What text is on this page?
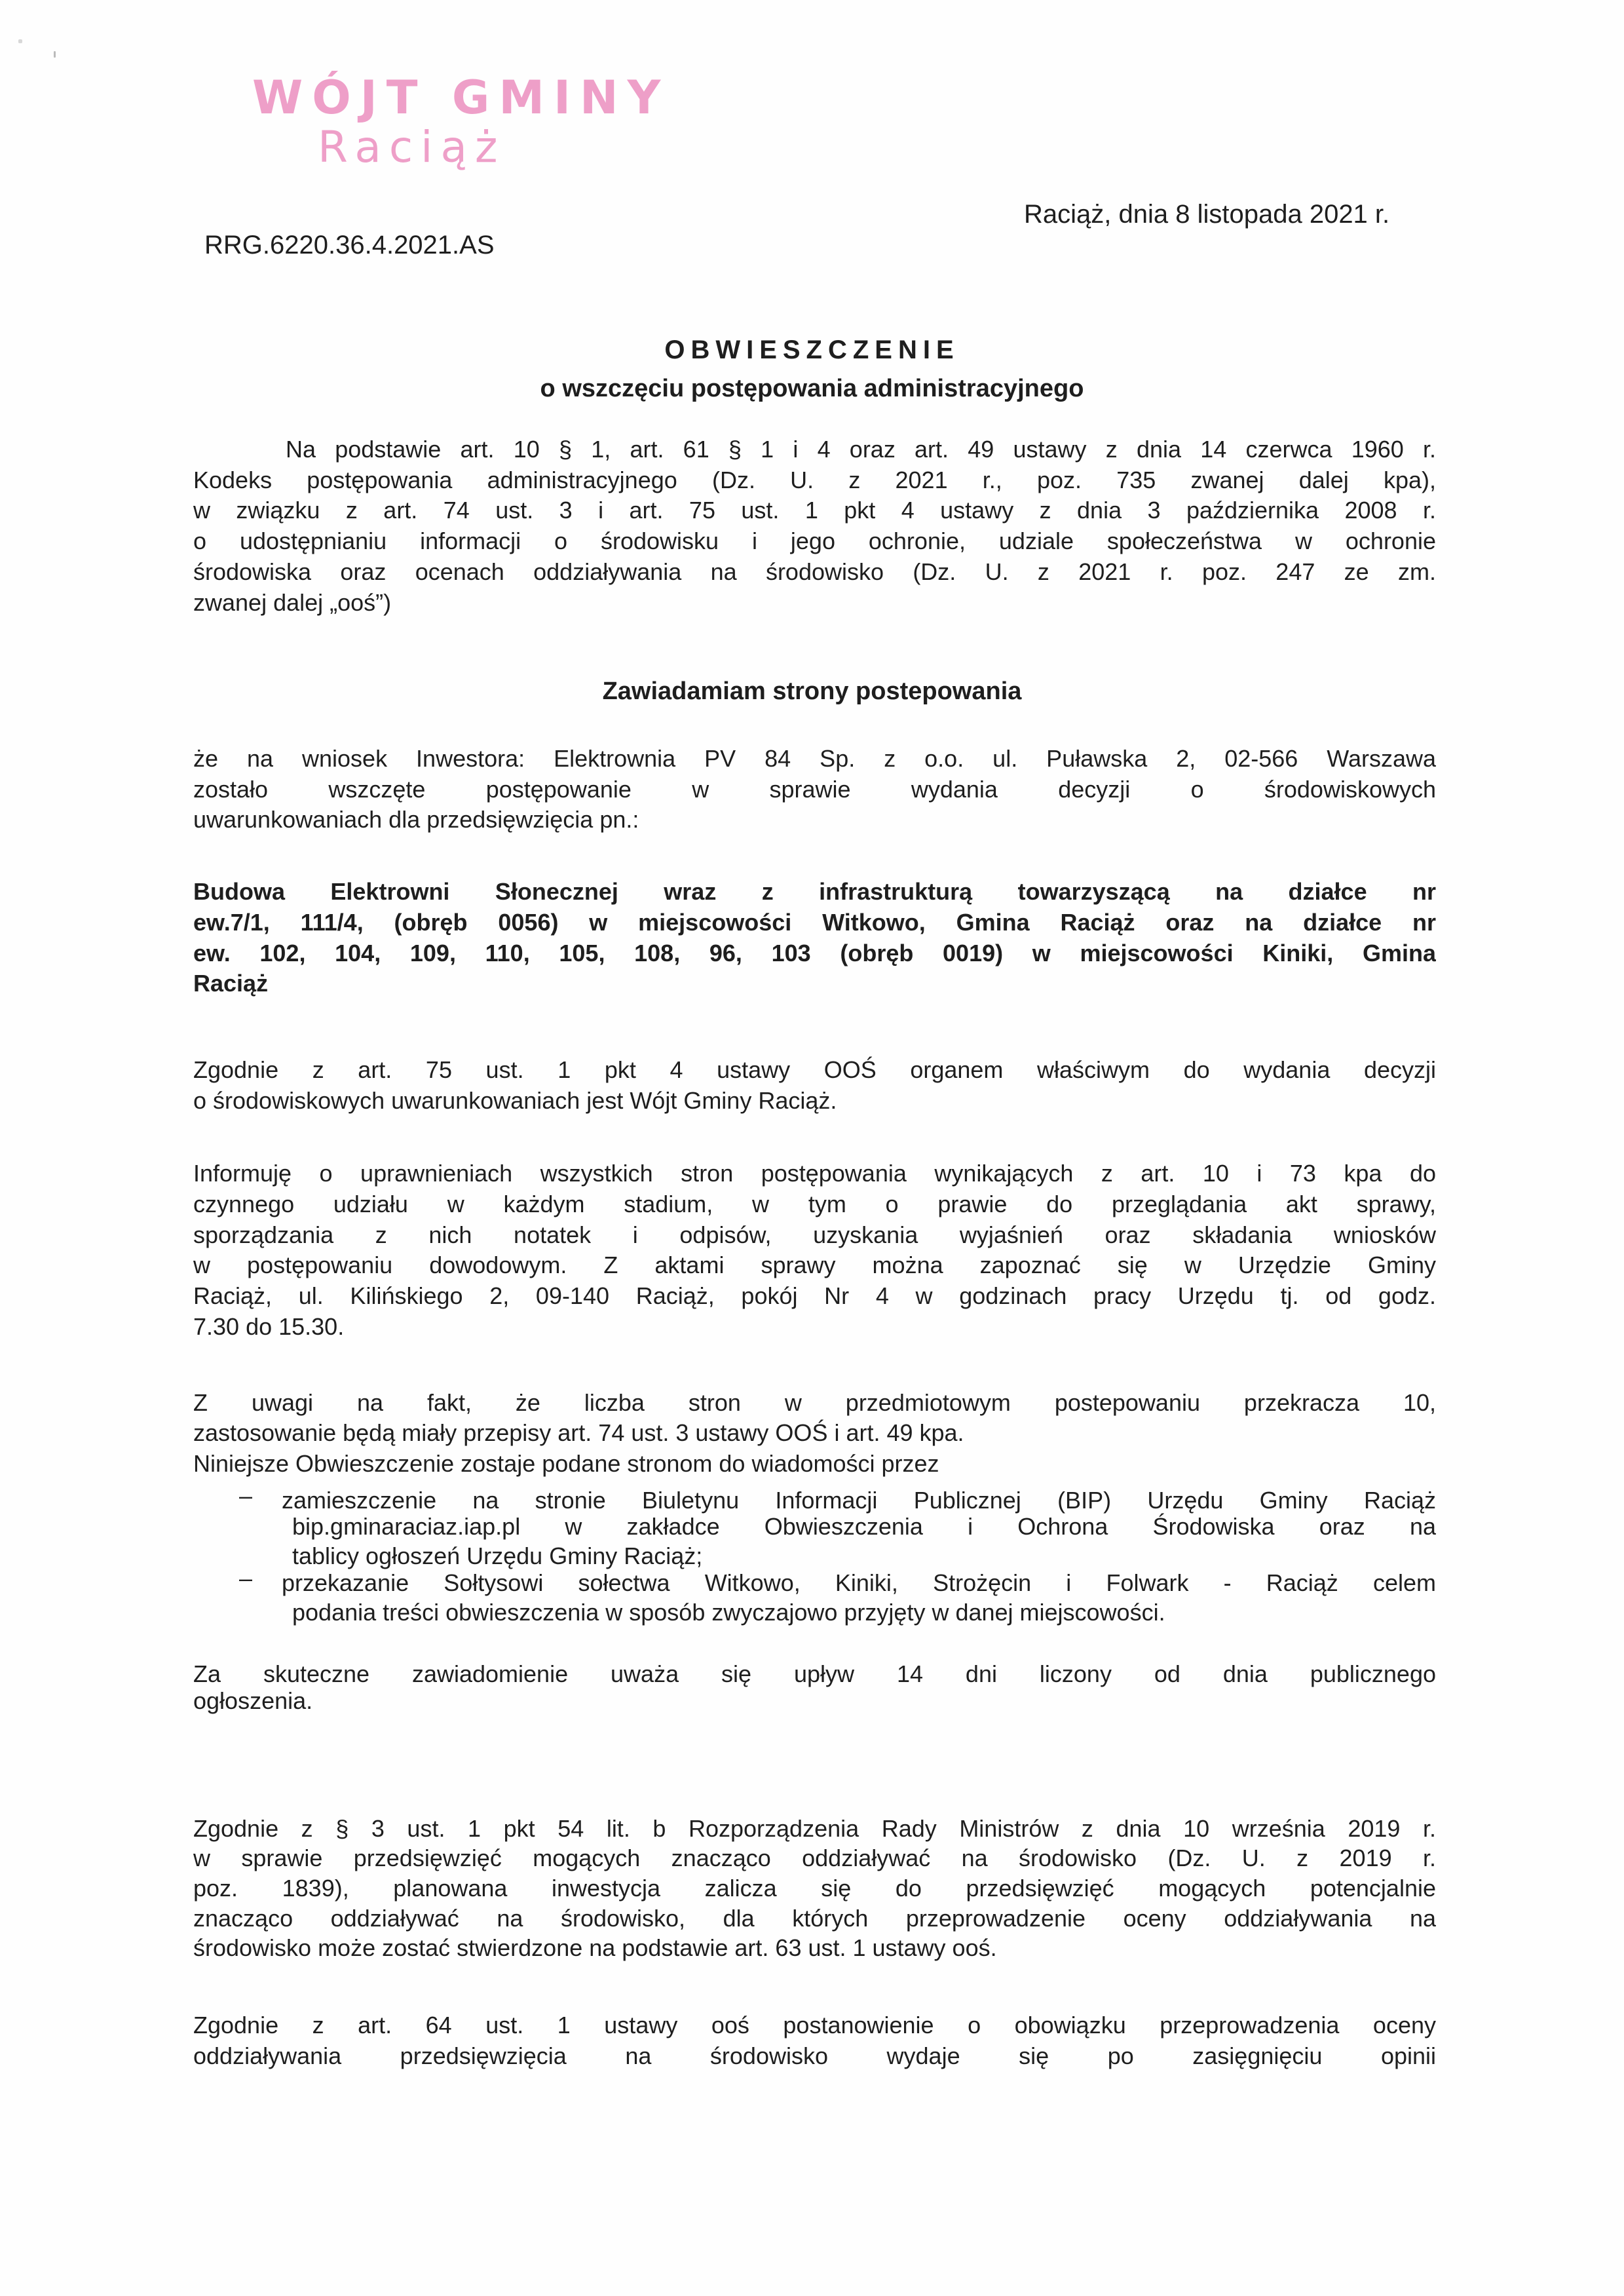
WÓJT GMINY
Raciąż
RRG.6220.36.4.2021.AS
Raciąż, dnia 8 listopada 2021 r.
OBWIESZCZENIE
o wszczęciu postępowania administracyjnego
Na podstawie art. 10 § 1, art. 61 § 1 i 4 oraz art. 49 ustawy z dnia 14 czerwca 1960 r.
Kodeks postępowania administracyjnego (Dz. U. z 2021 r., poz. 735 zwanej dalej kpa),
w związku z art. 74 ust. 3 i art. 75 ust. 1 pkt 4 ustawy z dnia 3 października 2008 r.
o udostępnianiu informacji o środowisku i jego ochronie, udziale społeczeństwa w ochronie
środowiska oraz ocenach oddziaływania na środowisko (Dz. U. z 2021 r. poz. 247 ze zm.
zwanej dalej „ooś”)
Zawiadamiam strony postepowania
że na wniosek Inwestora: Elektrownia PV 84 Sp. z o.o. ul. Puławska 2, 02-566 Warszawa
zostało wszczęte postępowanie w sprawie wydania decyzji o środowiskowych
uwarunkowaniach dla przedsięwzięcia pn.:
Budowa Elektrowni Słonecznej wraz z infrastrukturą towarzyszącą na działce nr
ew.7/1, 111/4, (obręb 0056) w miejscowości Witkowo, Gmina Raciąż oraz na działce nr
ew. 102, 104, 109, 110, 105, 108, 96, 103 (obręb 0019) w miejscowości Kiniki, Gmina
Raciąż
Zgodnie z art. 75 ust. 1 pkt 4 ustawy OOŚ organem właściwym do wydania decyzji
o środowiskowych uwarunkowaniach jest Wójt Gminy Raciąż.
Informuję o uprawnieniach wszystkich stron postępowania wynikających z art. 10 i 73 kpa do
czynnego udziału w każdym stadium, w tym o prawie do przeglądania akt sprawy,
sporządzania z nich notatek i odpisów, uzyskania wyjaśnień oraz składania wniosków
w postępowaniu dowodowym. Z aktami sprawy można zapoznać się w Urzędzie Gminy
Raciąż, ul. Kilińskiego 2, 09-140 Raciąż, pokój Nr 4 w godzinach pracy Urzędu tj. od godz.
7.30 do 15.30.
Z uwagi na fakt, że liczba stron w przedmiotowym postepowaniu przekracza 10,
zastosowanie będą miały przepisy art. 74 ust. 3 ustawy OOŚ i art. 49 kpa.
Niniejsze Obwieszczenie zostaje podane stronom do wiadomości przez
– zamieszczenie na stronie Biuletynu Informacji Publicznej (BIP) Urzędu Gminy Raciąż
bip.gminaraciaz.iap.pl w zakładce Obwieszczenia i Ochrona Środowiska oraz na
tablicy ogłoszeń Urzędu Gminy Raciąż;
– przekazanie Sołtysowi sołectwa Witkowo, Kiniki, Strożęcin i Folwark - Raciąż celem
podania treści obwieszczenia w sposób zwyczajowo przyjęty w danej miejscowości.
Za skuteczne zawiadomienie uważa się upływ 14 dni liczony od dnia publicznego
ogłoszenia.
Zgodnie z § 3 ust. 1 pkt 54 lit. b Rozporządzenia Rady Ministrów z dnia 10 września 2019 r.
w sprawie przedsięwzięć mogących znacząco oddziaływać na środowisko (Dz. U. z 2019 r.
poz. 1839), planowana inwestycja zalicza się do przedsięwzięć mogących potencjalnie
znacząco oddziaływać na środowisko, dla których przeprowadzenie oceny oddziaływania na
środowisko może zostać stwierdzone na podstawie art. 63 ust. 1 ustawy ooś.
Zgodnie z art. 64 ust. 1 ustawy ooś postanowienie o obowiązku przeprowadzenia oceny
oddziaływania przedsięwzięcia na środowisko wydaje się po zasięgnięciu opinii
